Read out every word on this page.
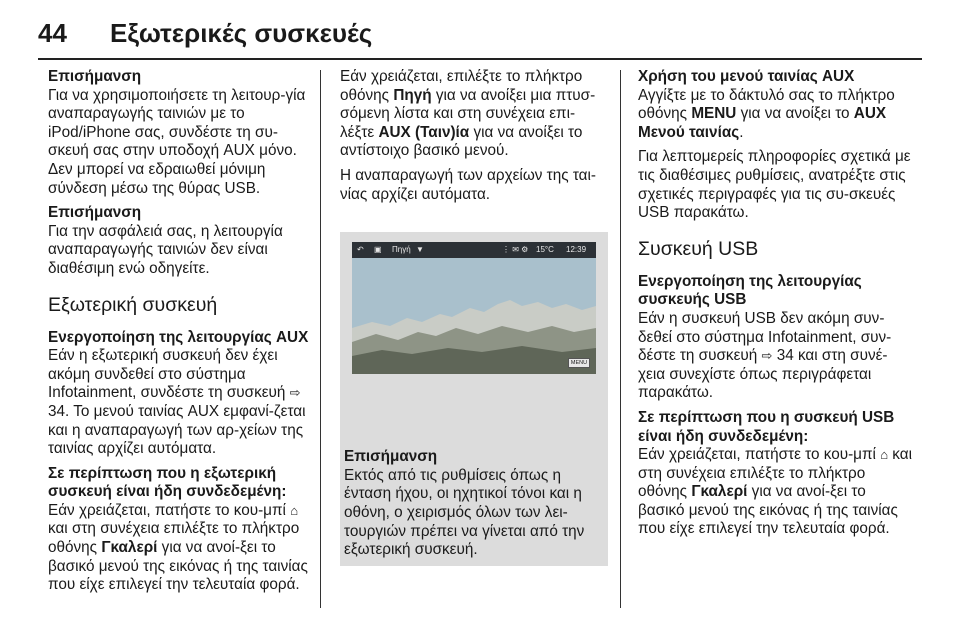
44 Εξωτερικές συσκευές
Επισήμανση
Για να χρησιμοποιήσετε τη λειτουρ-γία αναπαραγωγής ταινιών με το iPod/iPhone σας, συνδέστε τη συ-σκευή σας στην υποδοχή AUX μόνο. Δεν μπορεί να εδραιωθεί μόνιμη σύνδεση μέσω της θύρας USB.
Επισήμανση
Για την ασφάλειά σας, η λειτουργία αναπαραγωγής ταινιών δεν είναι διαθέσιμη ενώ οδηγείτε.
Εξωτερική συσκευή
Ενεργοποίηση της λειτουργίας AUX
Εάν η εξωτερική συσκευή δεν έχει ακόμη συνδεθεί στο σύστημα Infotainment, συνδέστε τη συσκευή ⇨ 34. Το μενού ταινίας AUX εμφανί-ζεται και η αναπαραγωγή των αρ-χείων της ταινίας αρχίζει αυτόματα.
Σε περίπτωση που η εξωτερική συσκευή είναι ήδη συνδεδεμένη:
Εάν χρειάζεται, πατήστε το κου-μπί ⌂ και στη συνέχεια επιλέξτε το πλήκτρο οθόνης Γκαλερί για να ανοί-ξει το βασικό μενού της εικόνας ή της ταινίας που είχε επιλεγεί την τελευταία φορά.
Εάν χρειάζεται, επιλέξτε το πλήκτρο οθόνης Πηγή για να ανοίξει μια πτυσ-σόμενη λίστα και στη συνέχεια επι-λέξτε AUX (Ταιν)ία για να ανοίξει το αντίστοιχο βασικό μενού.
Η αναπαραγωγή των αρχείων της ται-νίας αρχίζει αυτόματα.
↶ ▣ Πηγή ▼	⋮ ✉ ⚙ 15°C 12:39
MENU
Επισήμανση
Εκτός από τις ρυθμίσεις όπως η ένταση ήχου, οι ηχητικοί τόνοι και η οθόνη, ο χειρισμός όλων των λει-τουργιών πρέπει να γίνεται από την εξωτερική συσκευή.
Χρήση του μενού ταινίας AUX
Αγγίξτε με το δάκτυλό σας το πλήκτρο οθόνης MENU για να ανοίξει το AUX Μενού ταινίας.
Για λεπτομερείς πληροφορίες σχετικά με τις διαθέσιμες ρυθμίσεις, ανατρέξτε στις σχετικές περιγραφές για τις συ-σκευές USB παρακάτω.
Συσκευή USB
Ενεργοποίηση της λειτουργίας συσκευής USB
Εάν η συσκευή USB δεν ακόμη συν-δεθεί στο σύστημα Infotainment, συν-δέστε τη συσκευή ⇨ 34 και στη συνέ-χεια συνεχίστε όπως περιγράφεται παρακάτω.
Σε περίπτωση που η συσκευή USB είναι ήδη συνδεδεμένη:
Εάν χρειάζεται, πατήστε το κου-μπί ⌂ και στη συνέχεια επιλέξτε το πλήκτρο οθόνης Γκαλερί για να ανοί-ξει το βασικό μενού της εικόνας ή της ταινίας που είχε επιλεγεί την τελευταία φορά.
